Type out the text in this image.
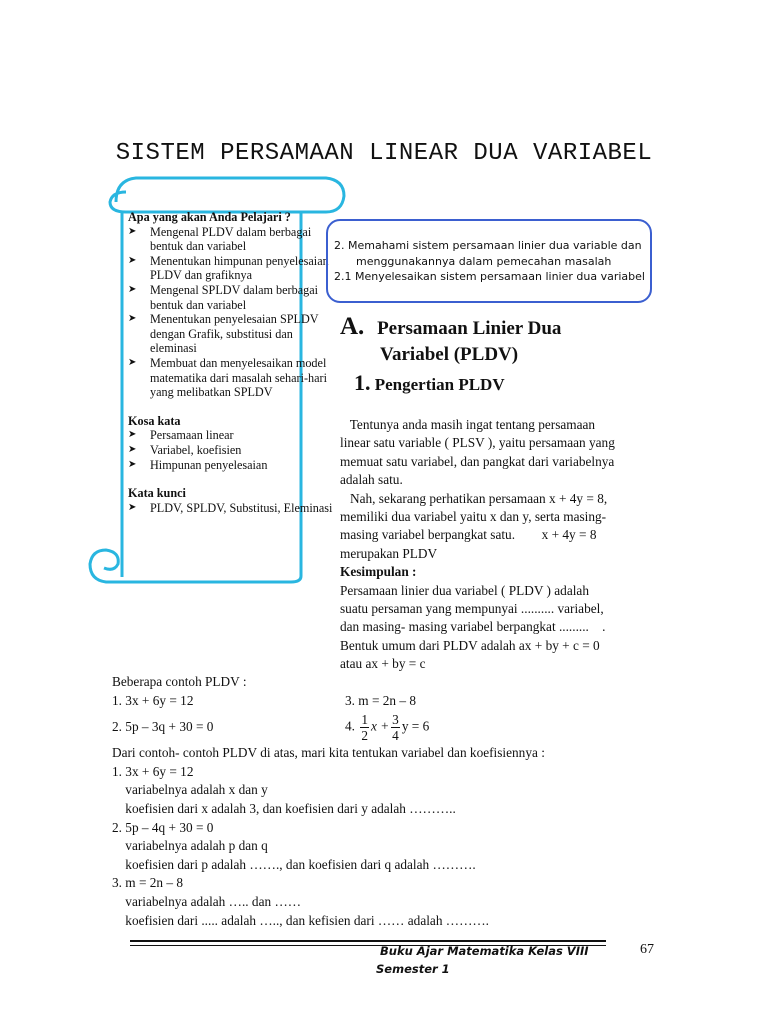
SISTEM PERSAMAAN LINEAR DUA VARIABEL
Apa yang akan Anda Pelajari ?
➤ Mengenal PLDV dalam berbagai bentuk dan variabel
➤ Menentukan himpunan penyelesaian PLDV dan grafiknya
➤ Mengenal SPLDV dalam berbagai bentuk dan variabel
➤ Menentukan penyelesaian SPLDV dengan Grafik, substitusi dan eleminasi
➤ Membuat dan menyelesaikan model matematika dari masalah sehari-hari yang melibatkan SPLDV
Kosa kata
➤ Persamaan linear
➤ Variabel, koefisien
➤ Himpunan penyelesaian
Kata kunci
➤ PLDV, SPLDV, Substitusi, Eleminasi
2. Memahami sistem persamaan linier dua variable dan
menggunakannya dalam pemecahan masalah
2.1 Menyelesaikan sistem persamaan linier dua variabel
A. Persamaan Linier Dua
Variabel (PLDV)
1. Pengertian PLDV
Tentunya anda masih ingat tentang persamaan
linear satu variable ( PLSV ), yaitu persamaan yang
memuat satu variabel, dan pangkat dari variabelnya
adalah satu.
Nah, sekarang perhatikan persamaan x + 4y = 8,
memiliki dua variabel yaitu x dan y, serta masing-
masing variabel berpangkat satu.        x + 4y = 8
merupakan PLDV
Kesimpulan :
Persamaan linier dua variabel ( PLDV ) adalah
suatu persaman yang mempunyai .......... variabel,
dan masing- masing variabel berpangkat .........    .
Bentuk umum dari PLDV adalah ax + by + c = 0
atau ax + by = c
Beberapa contoh PLDV :
1. 3x + 6y = 12	3. m = 2n – 8
2. 5p – 3q + 30 = 0	4. $\frac{1}{2}$ $x + \frac{3}{4}$ y = 6
Dari contoh- contoh PLDV di atas, mari kita tentukan variabel dan koefisiennya :
1. 3x + 6y = 12
variabelnya adalah x dan y
koefisien dari x adalah 3, dan koefisien dari y adalah ………..
2. 5p – 4q + 30 = 0
variabelnya adalah p dan q
koefisien dari p adalah ……., dan koefisien dari q adalah ……….
3. m = 2n – 8
variabelnya adalah ….. dan ……
koefisien dari ..... adalah ….., dan kefisien dari …… adalah ……….
Buku Ajar Matematika Kelas VIII
Semester 1
67
